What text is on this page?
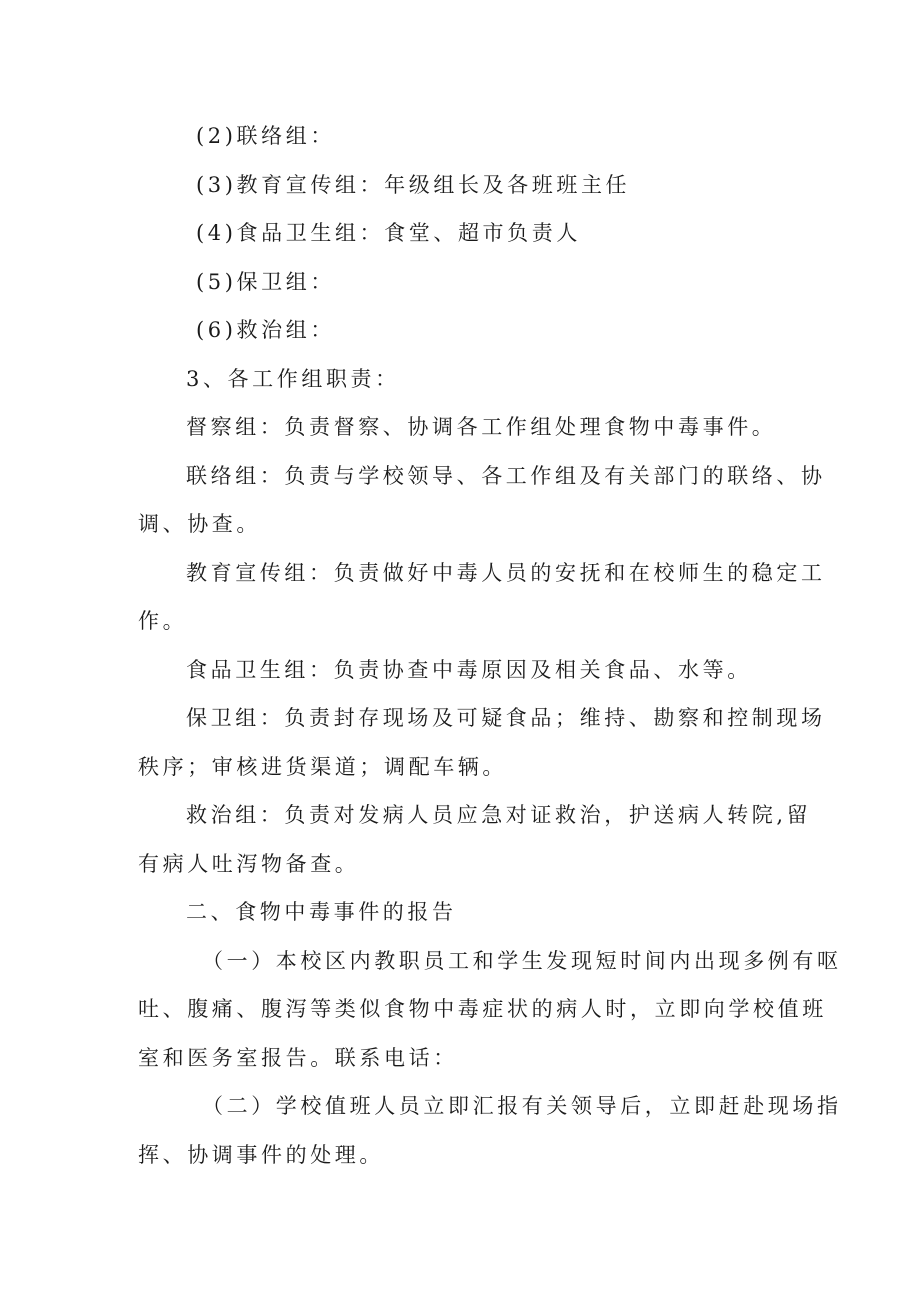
(2)联络组：
(3)教育宣传组：年级组长及各班班主任
(4)食品卫生组：食堂、超市负责人
(5)保卫组：
(6)救治组：
3、各工作组职责：
督察组：负责督察、协调各工作组处理食物中毒事件。
联络组：负责与学校领导、各工作组及有关部门的联络、协
调、协查。
教育宣传组：负责做好中毒人员的安抚和在校师生的稳定工
作。
食品卫生组：负责协查中毒原因及相关食品、水等。
保卫组：负责封存现场及可疑食品；维持、勘察和控制现场
秩序；审核进货渠道；调配车辆。
救治组：负责对发病人员应急对证救治，护送病人转院,留
有病人吐泻物备查。
二、食物中毒事件的报告
（一）本校区内教职员工和学生发现短时间内出现多例有呕
吐、腹痛、腹泻等类似食物中毒症状的病人时，立即向学校值班
室和医务室报告。联系电话：
（二）学校值班人员立即汇报有关领导后，立即赶赴现场指
挥、协调事件的处理。
